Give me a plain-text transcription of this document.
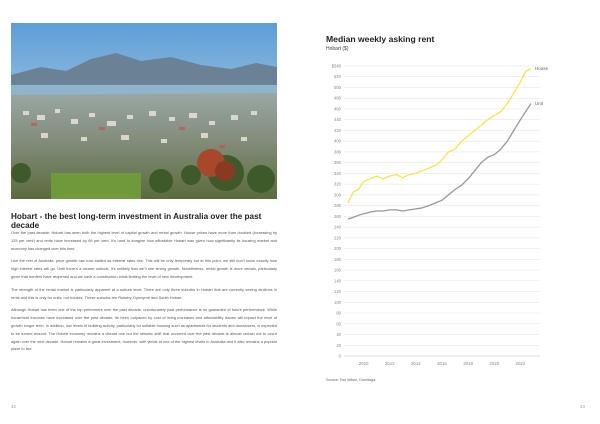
Hobart - the best long-term investment in Australia over the past decade

Over the past decade, Hobart has seen both the highest level of capital growth and rental growth. House prices have more than doubled (increasing by 125 per cent) and rents have increased by 69 per cent. It’s hard to imagine how affordable Hobart was given how significantly its housing market and economy has changed over this time.

Like the rest of Australia, price growth has now stalled as interest rates rise. This will be only temporary but at this point, we still don’t know exactly how high interest rates will go. Until there’s a clearer outlook, it’s unlikely that we’ll see strong growth. Nonetheless, rental growth is more certain, particularly given that borders have reopened and we have a construction crisis limiting the level of new development.

The strength of the rental market is particularly apparent at a suburb level. There are only three suburbs in Hobart that are currently seeing declines in rents and this is only for units, not houses. These suburbs are Rokeby, Dynnyrne and South Hobart.

Although Hobart has been one of the top performers over the past decade, unfortunately past performance is no guarantee of future performance. While household incomes have increased over the past decade, its been outpaced by cost of living increases and affordability issues will impact the level of growth longer term. In addition, low levels of building activity, particularly for suitable housing such as apartments for students and downsizers, is expected to be turned around. The Hobart economy remains a vibrant one but the seismic shift that occurred over the past decade is almost certain not to occur again over the next decade. Hobart remains a great investment, however, with yields at one of the highest levels in Australia and it also remains a popular place to live.

42
Median weekly asking rent
Hobart ($)
0
20
40
60
80
100
120
140
160
180
200
220
240
260
280
300
320
340
360
380
400
420
440
460
480
500
520
$540
2010	2012	2014	2016	2018	2020	2022
House
Unit
Source: Bar Wilski, Domitaga
43
